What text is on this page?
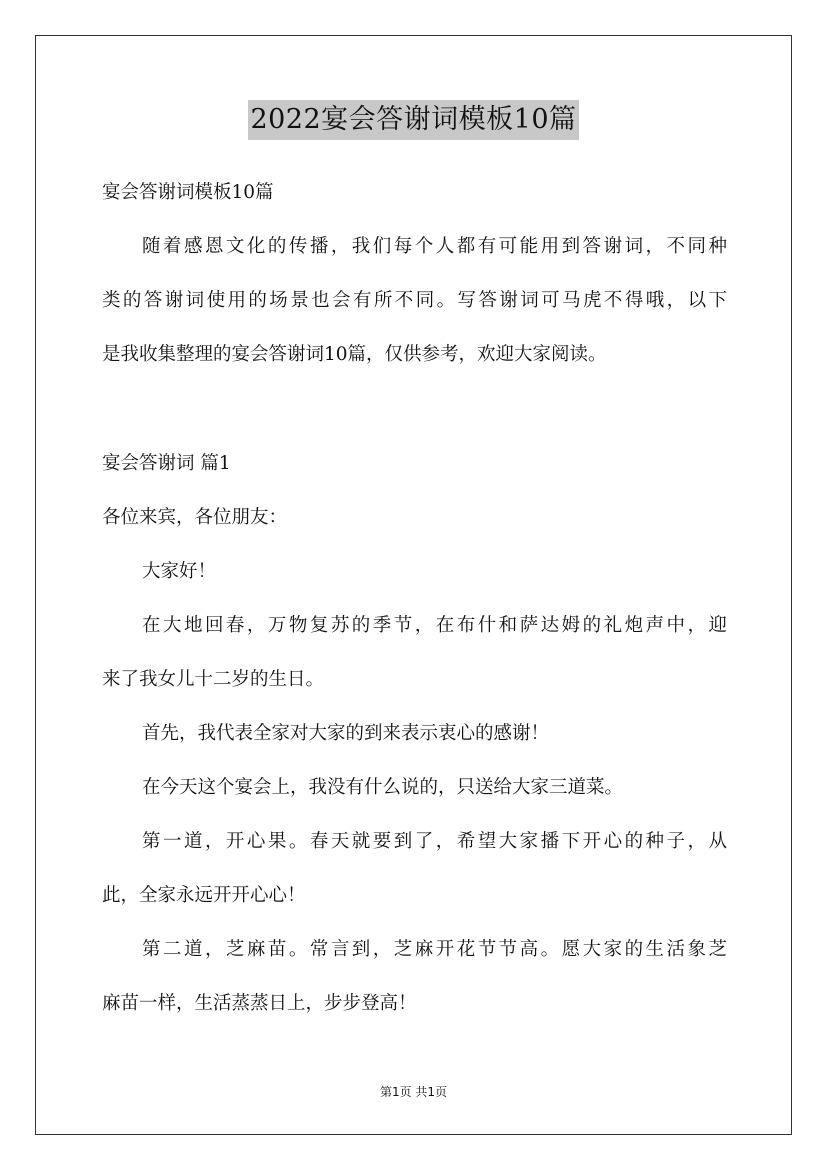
2022宴会答谢词模板10篇
宴会答谢词模板10篇
随着感恩文化的传播，我们每个人都有可能用到答谢词，不同种
类的答谢词使用的场景也会有所不同。写答谢词可马虎不得哦，以下
是我收集整理的宴会答谢词10篇，仅供参考，欢迎大家阅读。
宴会答谢词 篇1
各位来宾，各位朋友：
大家好！
在大地回春，万物复苏的季节，在布什和萨达姆的礼炮声中，迎
来了我女儿十二岁的生日。
首先，我代表全家对大家的到来表示衷心的感谢！
在今天这个宴会上，我没有什么说的，只送给大家三道菜。
第一道，开心果。春天就要到了，希望大家播下开心的种子，从
此，全家永远开开心心！
第二道，芝麻苗。常言到，芝麻开花节节高。愿大家的生活象芝
麻苗一样，生活蒸蒸日上，步步登高！
第1页 共1页
